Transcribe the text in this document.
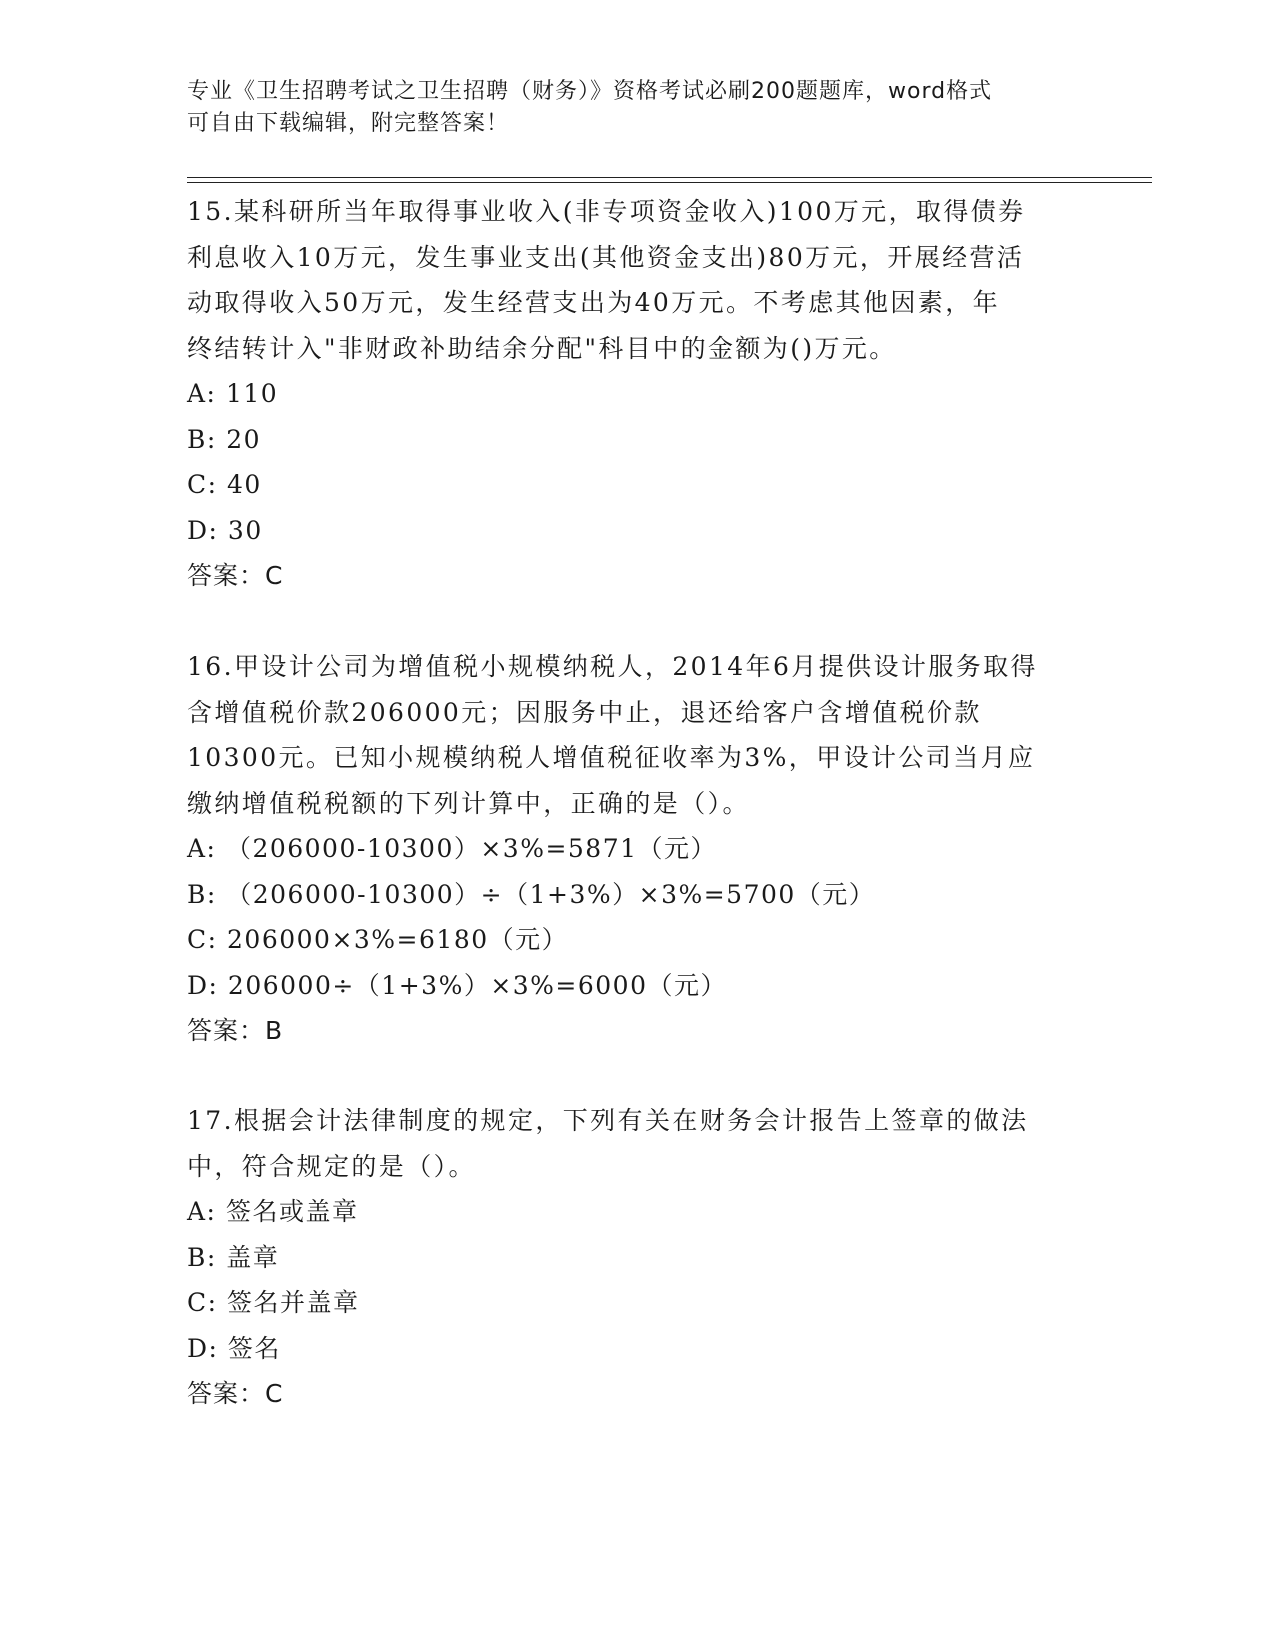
专业《卫生招聘考试之卫生招聘（财务）》资格考试必刷200题题库，word格式
可自由下载编辑，附完整答案！
15.某科研所当年取得事业收入(非专项资金收入)100万元，取得债券
利息收入10万元，发生事业支出(其他资金支出)80万元，开展经营活
动取得收入50万元，发生经营支出为40万元。不考虑其他因素，年
终结转计入"非财政补助结余分配"科目中的金额为()万元。
A: 110
B: 20
C: 40
D: 30
答案：C
16.甲设计公司为增值税小规模纳税人，2014年6月提供设计服务取得
含增值税价款206000元；因服务中止，退还给客户含增值税价款
10300元。已知小规模纳税人增值税征收率为3%，甲设计公司当月应
缴纳增值税税额的下列计算中，正确的是（）。
A: （206000-10300）×3%=5871（元）
B: （206000-10300）÷（1+3%）×3%=5700（元）
C: 206000×3%=6180（元）
D: 206000÷（1+3%）×3%=6000（元）
答案：B
17.根据会计法律制度的规定，下列有关在财务会计报告上签章的做法
中，符合规定的是（）。
A: 签名或盖章
B: 盖章
C: 签名并盖章
D: 签名
答案：C
